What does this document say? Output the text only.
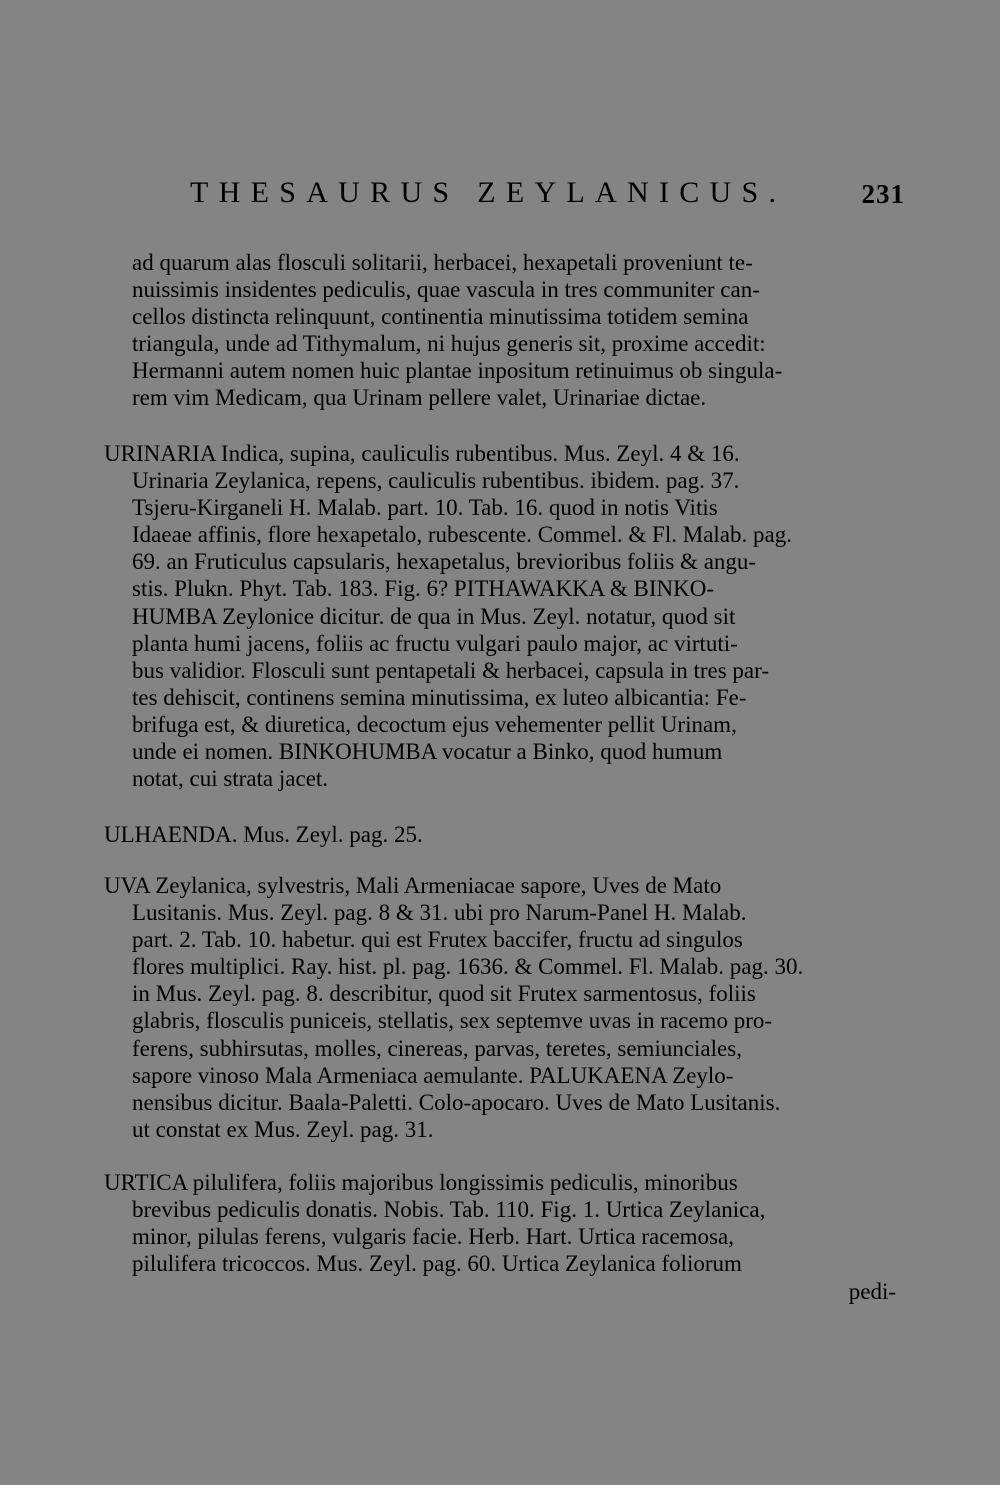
THESAURUS ZEYLANICUS.	231
ad quarum alas flosculi solitarii, herbacei, hexapetali proveniunt te-
nuissimis insidentes pediculis, quae vascula in tres communiter can-
cellos distincta relinquunt, continentia minutissima totidem semina
triangula, unde ad Tithymalum, ni hujus generis sit, proxime accedit:
Hermanni autem nomen huic plantae inpositum retinuimus ob singula-
rem vim Medicam, qua Urinam pellere valet, Urinariae dictae.
URINARIA Indica, supina, cauliculis rubentibus. Mus. Zeyl. 4 & 16.
Urinaria Zeylanica, repens, cauliculis rubentibus. ibidem. pag. 37.
Tsjeru-Kirganeli H. Malab. part. 10. Tab. 16. quod in notis Vitis
Idaeae affinis, flore hexapetalo, rubescente. Commel. & Fl. Malab. pag.
69. an Fruticulus capsularis, hexapetalus, brevioribus foliis & angu-
stis. Plukn. Phyt. Tab. 183. Fig. 6? PITHAWAKKA & BINKO-
HUMBA Zeylonice dicitur. de qua in Mus. Zeyl. notatur, quod sit
planta humi jacens, foliis ac fructu vulgari paulo major, ac virtuti-
bus validior. Flosculi sunt pentapetali & herbacei, capsula in tres par-
tes dehiscit, continens semina minutissima, ex luteo albicantia: Fe-
brifuga est, & diuretica, decoctum ejus vehementer pellit Urinam,
unde ei nomen. BINKOHUMBA vocatur a Binko, quod humum
notat, cui strata jacet.
ULHAENDA. Mus. Zeyl. pag. 25.
UVA Zeylanica, sylvestris, Mali Armeniacae sapore, Uves de Mato
Lusitanis. Mus. Zeyl. pag. 8 & 31. ubi pro Narum-Panel H. Malab.
part. 2. Tab. 10. habetur. qui est Frutex baccifer, fructu ad singulos
flores multiplici. Ray. hist. pl. pag. 1636. & Commel. Fl. Malab. pag. 30.
in Mus. Zeyl. pag. 8. describitur, quod sit Frutex sarmentosus, foliis
glabris, flosculis puniceis, stellatis, sex septemve uvas in racemo pro-
ferens, subhirsutas, molles, cinereas, parvas, teretes, semiunciales,
sapore vinoso Mala Armeniaca aemulante. PALUKAENA Zeylo-
nensibus dicitur. Baala-Paletti. Colo-apocaro. Uves de Mato Lusitanis.
ut constat ex Mus. Zeyl. pag. 31.
URTICA pilulifera, foliis majoribus longissimis pediculis, minoribus
brevibus pediculis donatis. Nobis. Tab. 110. Fig. 1. Urtica Zeylanica,
minor, pilulas ferens, vulgaris facie. Herb. Hart. Urtica racemosa,
pilulifera tricoccos. Mus. Zeyl. pag. 60. Urtica Zeylanica foliorum
pedi-
